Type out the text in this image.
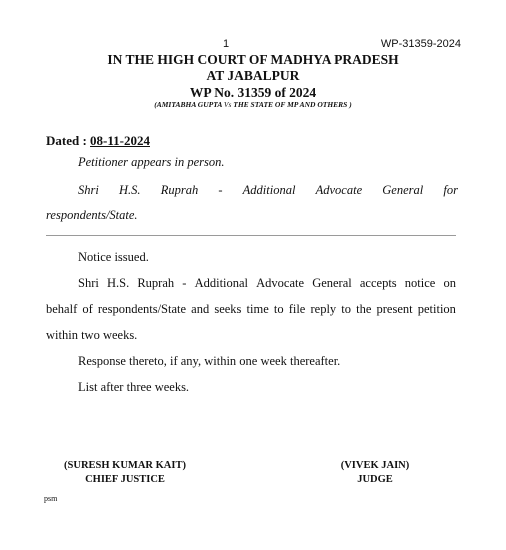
1	WP-31359-2024
IN THE HIGH COURT OF MADHYA PRADESH
AT JABALPUR
WP No. 31359 of 2024
(AMITABHA GUPTA Vs THE STATE OF MP AND OTHERS )
Dated : 08-11-2024
Petitioner appears in person.
Shri H.S. Ruprah - Additional Advocate General for
respondents/State.
Notice issued.
Shri H.S. Ruprah - Additional Advocate General accepts notice on
behalf of respondents/State and seeks time to file reply to the present petition
within two weeks.
Response thereto, if any, within one week thereafter.
List after three weeks.
(SURESH KUMAR KAIT)
CHIEF JUSTICE
(VIVEK JAIN)
JUDGE
psm
